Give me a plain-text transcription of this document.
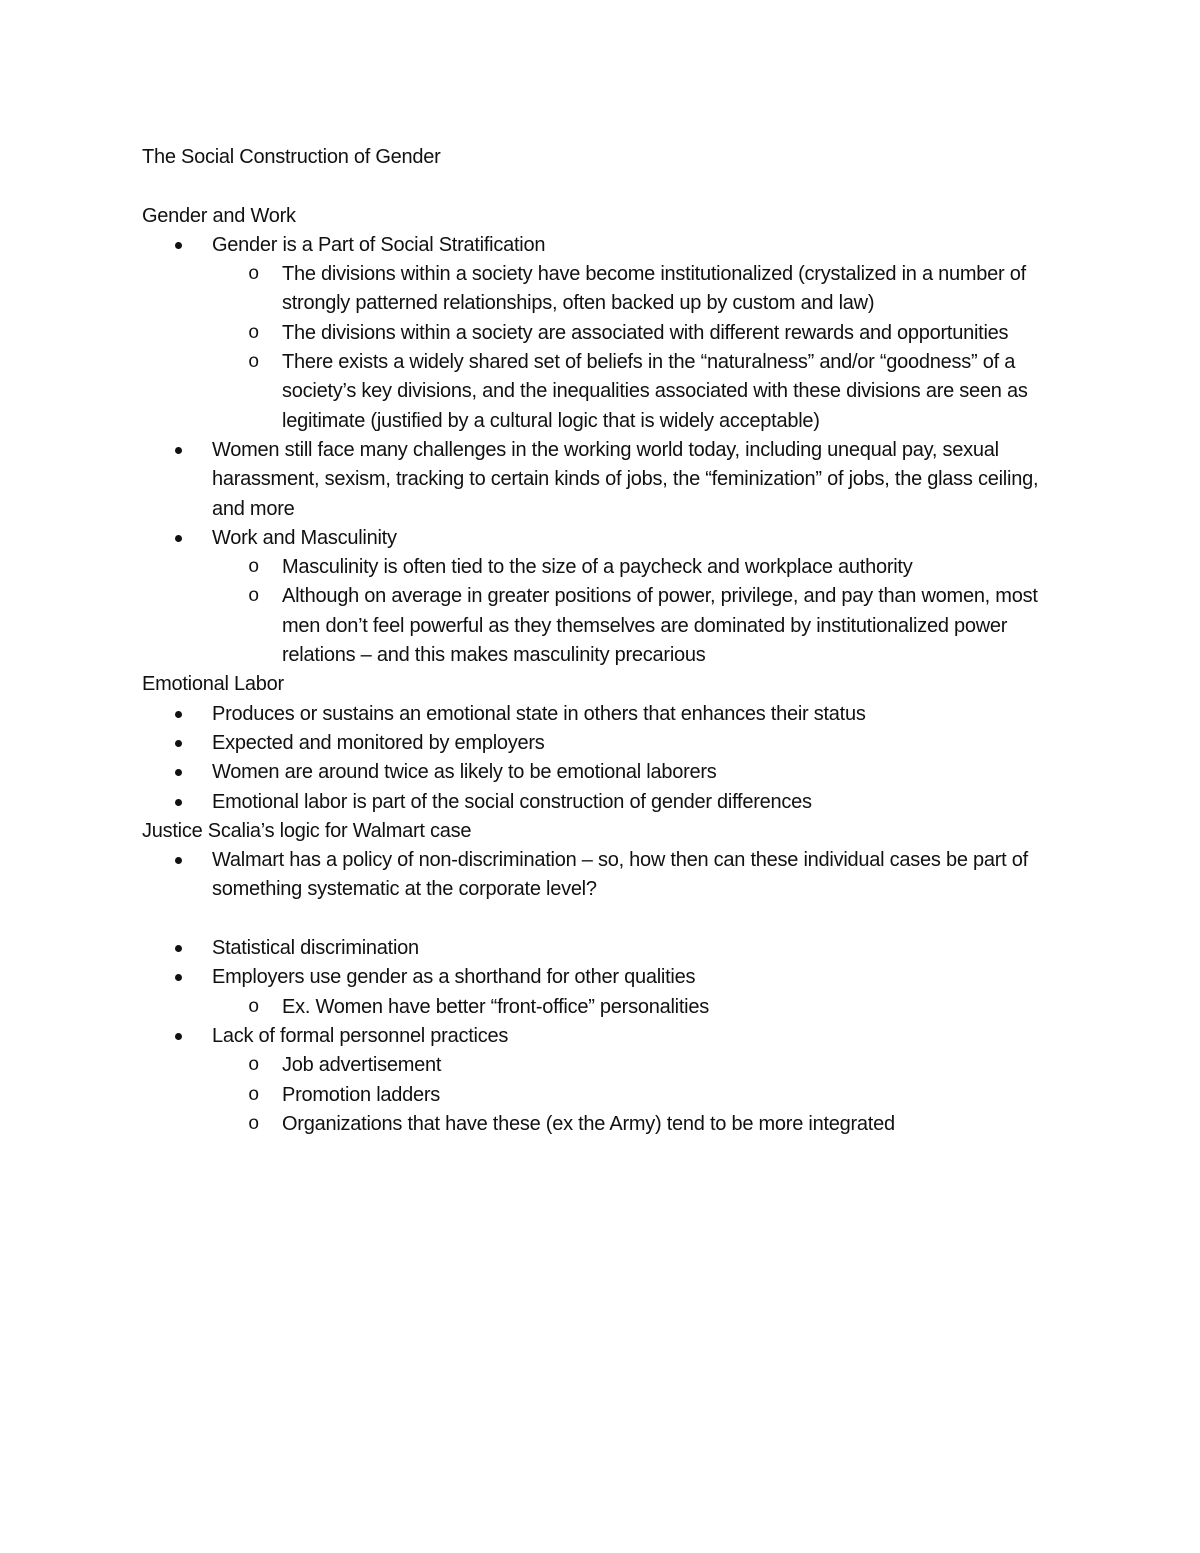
The Social Construction of Gender
Gender and Work
Gender is a Part of Social Stratification
o The divisions within a society have become institutionalized (crystalized in a number of strongly patterned relationships, often backed up by custom and law)
o The divisions within a society are associated with different rewards and opportunities
o There exists a widely shared set of beliefs in the “naturalness” and/or “goodness” of a society’s key divisions, and the inequalities associated with these divisions are seen as legitimate (justified by a cultural logic that is widely acceptable)
Women still face many challenges in the working world today, including unequal pay, sexual harassment, sexism, tracking to certain kinds of jobs, the “feminization” of jobs, the glass ceiling, and more
Work and Masculinity
o Masculinity is often tied to the size of a paycheck and workplace authority
o Although on average in greater positions of power, privilege, and pay than women, most men don’t feel powerful as they themselves are dominated by institutionalized power relations – and this makes masculinity precarious
Emotional Labor
Produces or sustains an emotional state in others that enhances their status
Expected and monitored by employers
Women are around twice as likely to be emotional laborers
Emotional labor is part of the social construction of gender differences
Justice Scalia’s logic for Walmart case
Walmart has a policy of non-discrimination – so, how then can these individual cases be part of something systematic at the corporate level?
Statistical discrimination
Employers use gender as a shorthand for other qualities
o Ex. Women have better “front-office” personalities
Lack of formal personnel practices
o Job advertisement
o Promotion ladders
o Organizations that have these (ex the Army) tend to be more integrated
